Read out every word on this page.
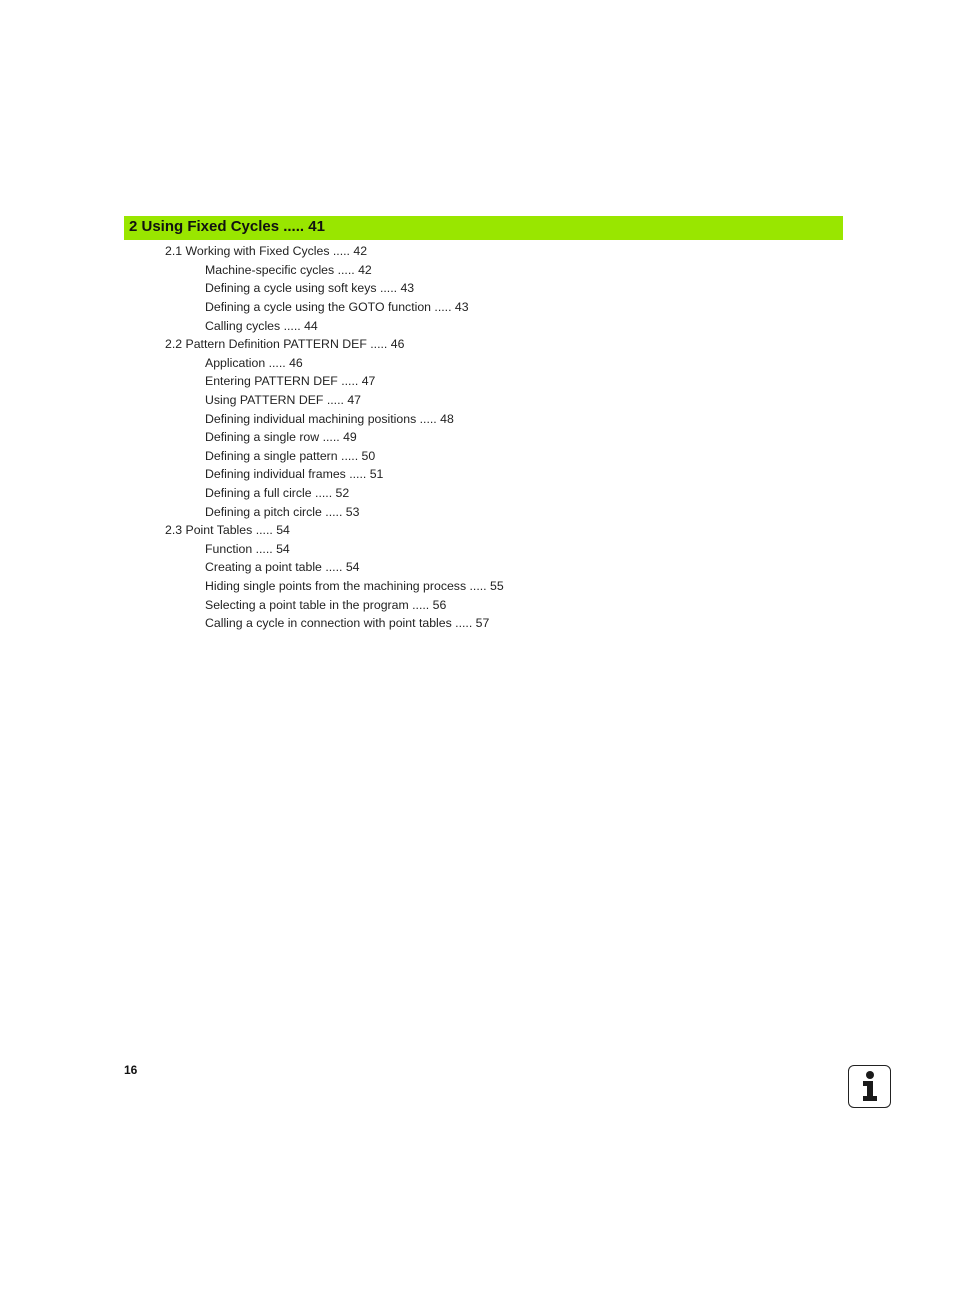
2 Using Fixed Cycles ..... 41
2.1 Working with Fixed Cycles ..... 42
Machine-specific cycles ..... 42
Defining a cycle using soft keys ..... 43
Defining a cycle using the GOTO function ..... 43
Calling cycles ..... 44
2.2 Pattern Definition PATTERN DEF ..... 46
Application ..... 46
Entering PATTERN DEF ..... 47
Using PATTERN DEF ..... 47
Defining individual machining positions ..... 48
Defining a single row ..... 49
Defining a single pattern ..... 50
Defining individual frames ..... 51
Defining a full circle ..... 52
Defining a pitch circle ..... 53
2.3 Point Tables ..... 54
Function ..... 54
Creating a point table ..... 54
Hiding single points from the machining process ..... 55
Selecting a point table in the program ..... 56
Calling a cycle in connection with point tables ..... 57
16
